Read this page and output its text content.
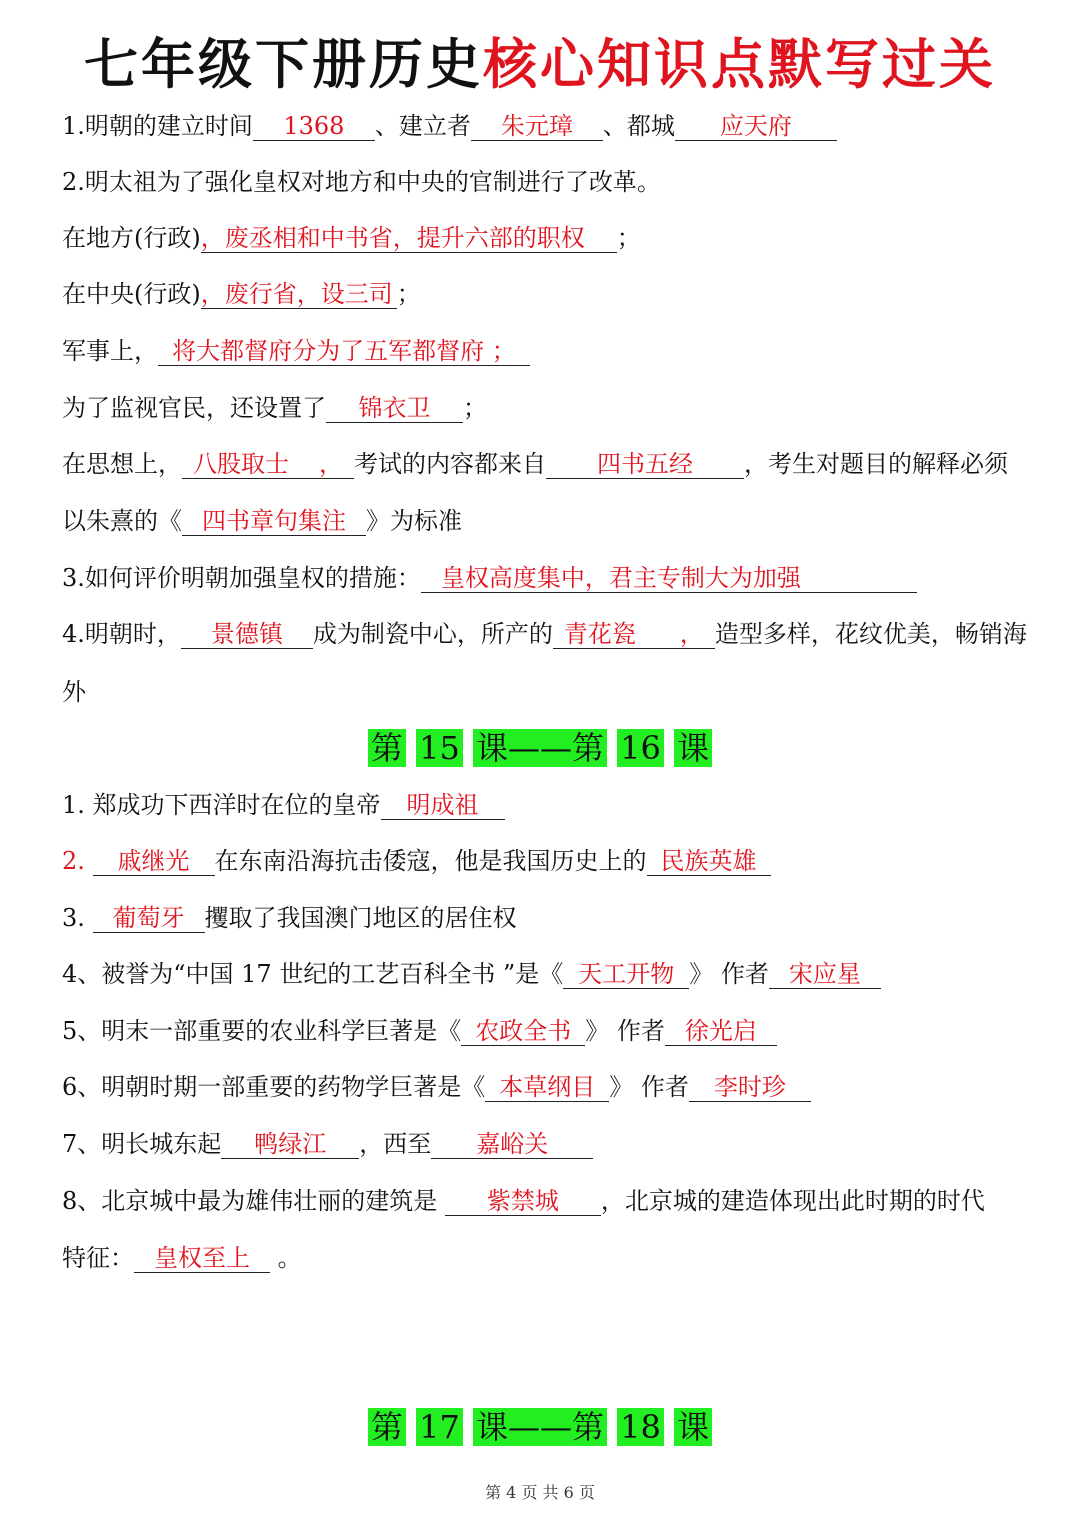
七年级下册历史核心知识点默写过关
1.明朝的建立时间 1368 、建立者 朱元璋 、都城 应天府
2.明太祖为了强化皇权对地方和中央的官制进行了改革。
在地方(行政)，废丞相和中书省，提升六部的职权 ；
在中央(行政)，废行省，设三司 ；
军事上， 将大都督府分为了五军都督府 ；
为了监视官民，还设置了 锦衣卫 ；
在思想上， 八股取士 ， 考试的内容都来自 四书五经 ，考生对题目的解释必须
以朱熹的《 四书章句集注 》为标准
3.如何评价明朝加强皇权的措施： 皇权高度集中，君主专制大为加强
4.明朝时， 景德镇 成为制瓷中心，所产的 青花瓷 ， 造型多样，花纹优美，畅销海
外
第 15 课——第 16 课
1. 郑成功下西洋时在位的皇帝 明成祖
2. 戚继光 在东南沿海抗击倭寇，他是我国历史上的 民族英雄
3. 葡萄牙 攫取了我国澳门地区的居住权
4、被誉为“中国 17 世纪的工艺百科全书 ”是《 天工开物 》 作者 宋应星
5、明末一部重要的农业科学巨著是《 农政全书 》 作者 徐光启
6、明朝时期一部重要的药物学巨著是《 本草纲目 》 作者 李时珍
7、明长城东起 鸭绿江 ，西至 嘉峪关
8、北京城中最为雄伟壮丽的建筑是 紫禁城 ，北京城的建造体现出此时期的时代
特征： 皇权至上 。
第 17 课——第 18 课
第 4 页 共 6 页
